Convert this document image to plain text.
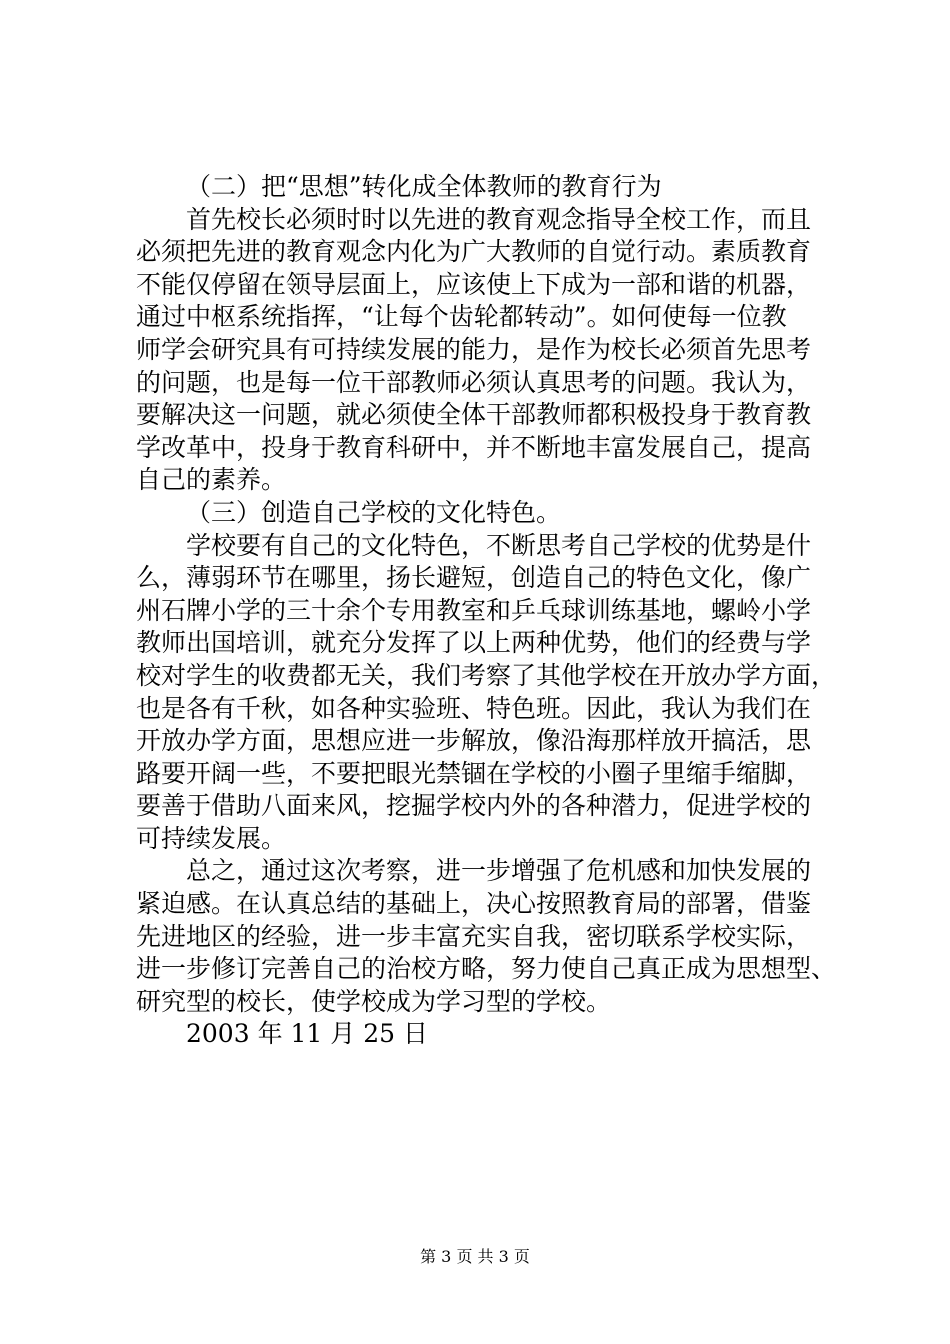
（二）把“思想”转化成全体教师的教育行为
首先校长必须时时以先进的教育观念指导全校工作，而且
必须把先进的教育观念内化为广大教师的自觉行动。素质教育
不能仅停留在领导层面上，应该使上下成为一部和谐的机器，
通过中枢系统指挥，“让每个齿轮都转动”。如何使每一位教
师学会研究具有可持续发展的能力，是作为校长必须首先思考
的问题，也是每一位干部教师必须认真思考的问题。我认为，
要解决这一问题，就必须使全体干部教师都积极投身于教育教
学改革中，投身于教育科研中，并不断地丰富发展自己，提高
自己的素养。
（三）创造自己学校的文化特色。
学校要有自己的文化特色，不断思考自己学校的优势是什
么，薄弱环节在哪里，扬长避短，创造自己的特色文化，像广
州石牌小学的三十余个专用教室和乒乓球训练基地，螺岭小学
教师出国培训，就充分发挥了以上两种优势，他们的经费与学
校对学生的收费都无关，我们考察了其他学校在开放办学方面，
也是各有千秋，如各种实验班、特色班。因此，我认为我们在
开放办学方面，思想应进一步解放，像沿海那样放开搞活，思
路要开阔一些，不要把眼光禁锢在学校的小圈子里缩手缩脚，
要善于借助八面来风，挖掘学校内外的各种潜力，促进学校的
可持续发展。
总之，通过这次考察，进一步增强了危机感和加快发展的
紧迫感。在认真总结的基础上，决心按照教育局的部署，借鉴
先进地区的经验，进一步丰富充实自我，密切联系学校实际，
进一步修订完善自己的治校方略，努力使自己真正成为思想型、
研究型的校长，使学校成为学习型的学校。
2003 年 11 月 25 日
第 3 页 共 3 页
